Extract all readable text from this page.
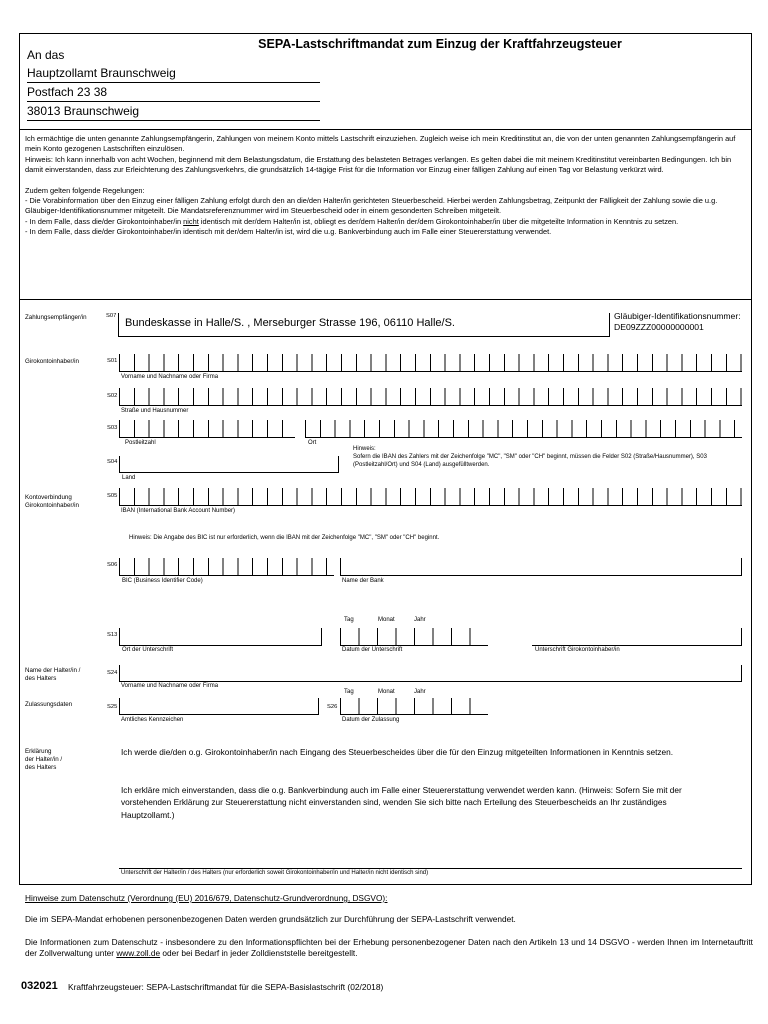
SEPA-Lastschriftmandat zum Einzug der Kraftfahrzeugsteuer
An das
Hauptzollamt Braunschweig
Postfach 23 38
38013 Braunschweig

Ich ermächtige die unten genannte Zahlungsempfängerin, Zahlungen von meinem Konto mittels Lastschrift einzuziehen. Zugleich weise ich mein Kreditinstitut an, die von der unten genannten Zahlungsempfängerin auf mein Konto gezogenen Lastschriften einzulösen.

Hinweis: Ich kann innerhalb von acht Wochen, beginnend mit dem Belastungsdatum, die Erstattung des belasteten Betrages verlangen. Es gelten dabei die mit meinem Kreditinstitut vereinbarten Bedingungen. Ich bin damit einverstanden, dass zur Erleichterung des Zahlungsverkehrs, die grundsätzlich 14-tägige Frist für die Information vor Einzug einer fälligen Zahlung auf einen Tag vor Belastung verkürzt wird.

Zudem gelten folgende Regelungen:

- Die Vorabinformation über den Einzug einer fälligen Zahlung erfolgt durch den an die/den Halter/in gerichteten Steuerbescheid. Hierbei werden Zahlungsbetrag, Zeitpunkt der Fälligkeit der Zahlung sowie die u.g. Gläubiger-Identifikationsnummer mitgeteilt. Die Mandatsreferenznummer wird im Steuerbescheid oder in einem gesonderten Schreiben mitgeteilt.

- In dem Falle, dass die/der Girokontoinhaber/in nicht identisch mit der/dem Halter/in ist, obliegt es der/dem Halter/in der/dem Girokontoinhaber/in über die mitgeteilte Information in Kenntnis zu setzen.

- In dem Falle, dass die/der Girokontoinhaber/in identisch mit der/dem Halter/in ist, wird die u.g. Bankverbindung auch im Falle einer Steuererstattung verwendet.

Zahlungsempfänger/in	S07
Bundeskasse in Halle/S. , Merseburger Strasse 196, 06110 Halle/S.
Gläubiger-Identifikationsnummer:
DE09ZZZ00000000001
Girokontoinhaber/in	S01
Vorname und Nachname oder Firma
S02
Straße und Hausnummer
S03
Postleitzahl	Ort
Hinweis:
Sofern die IBAN des Zahlers mit der Zeichenfolge "MC", "SM" oder "CH" beginnt, müssen die Felder S02 (Straße/Hausnummer), S03 (Postleitzahl/Ort) und S04 (Land) ausgefülltwerden.
S04
Land
Kontoverbindung
Girokontoinhaber/in
S05
IBAN (International Bank Account Number)
Hinweis: Die Angabe des BIC ist nur erforderlich, wenn die IBAN mit der Zeichenfolge "MC", "SM" oder "CH" beginnt.
S06
BIC (Business Identifier Code)	Name der Bank
Tag	Monat	Jahr
S13
Ort der Unterschrift	Datum der Unterschrift	Unterschrift Girokontoinhaber/in
Name der Halter/in /
des Halters
S24
Vorname und Nachname oder Firma
Tag	Monat	Jahr
Zulassungsdaten	S25	S26
Amtliches Kennzeichen	Datum der Zulassung
Erklärung
der Halter/in /
des Halters
Ich werde die/den o.g. Girokontoinhaber/in nach Eingang des Steuerbescheides über die für den Einzug mitgeteilten Informationen in Kenntnis setzen.
Ich erkläre mich einverstanden, dass die o.g. Bankverbindung auch im Falle einer Steuererstattung verwendet werden kann. (Hinweis: Sofern Sie mit der vorstehenden Erklärung zur Steuererstattung nicht einverstanden sind, wenden Sie sich bitte nach Erteilung des Steuerbescheids an Ihr zuständiges Hauptzollamt.)
Unterschrift der Halter/in / des Halters (nur erforderlich soweit Girokontoinhaber/in und Halter/in nicht identisch sind)
Hinweise zum Datenschutz (Verordnung (EU) 2016/679, Datenschutz-Grundverordnung, DSGVO):
Die im SEPA-Mandat erhobenen personenbezogenen Daten werden grundsätzlich zur Durchführung der SEPA-Lastschrift verwendet.
Die Informationen zum Datenschutz - insbesondere zu den Informationspflichten bei der Erhebung personenbezogener Daten nach den Artikeln 13 und 14 DSGVO - werden Ihnen im Internetauftritt der Zollverwaltung unter www.zoll.de oder bei Bedarf in jeder Zolldienststelle bereitgestellt.
032021 Kraftfahrzeugsteuer: SEPA-Lastschriftmandat für die SEPA-Basislastschrift (02/2018)
